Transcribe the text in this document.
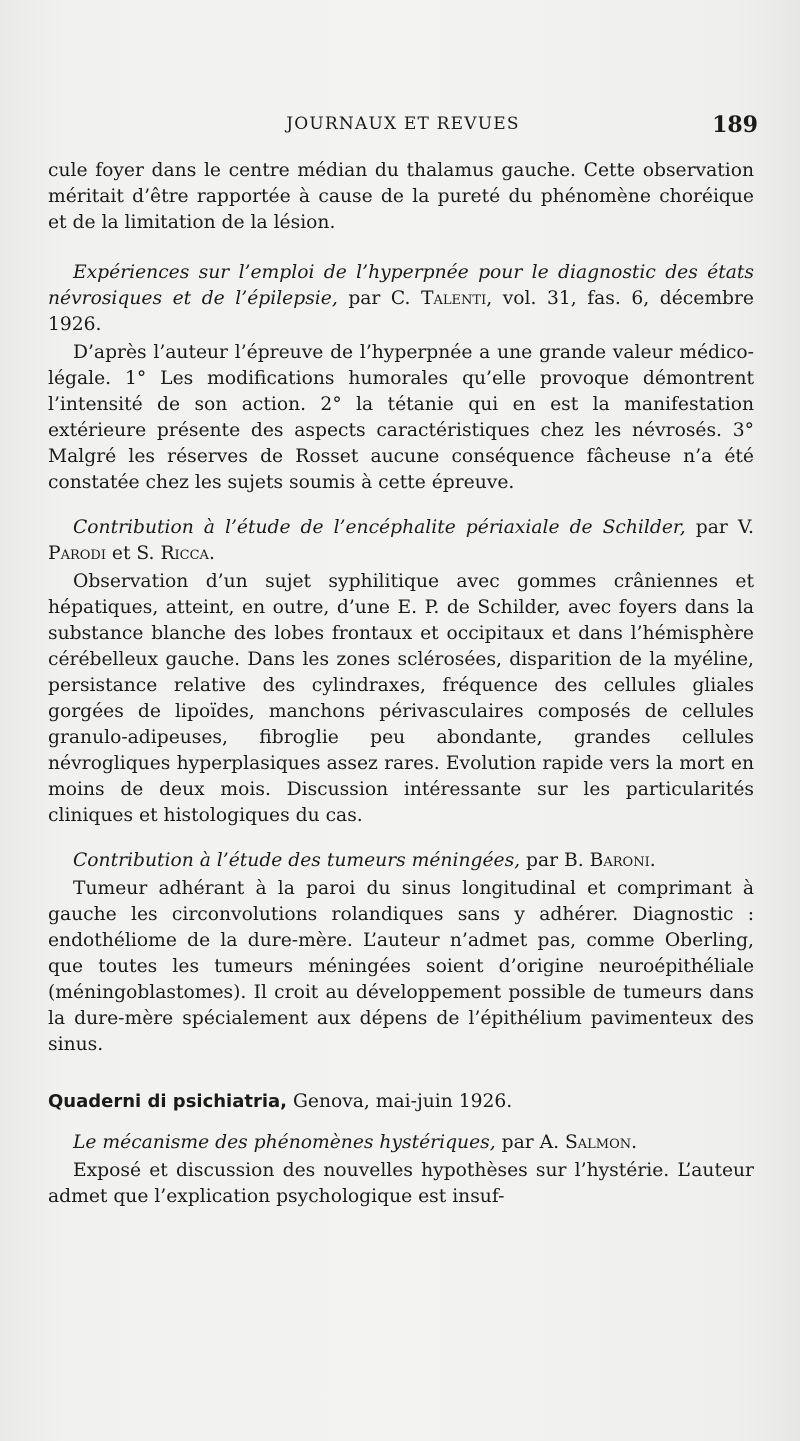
JOURNAUX ET REVUES	189

cule foyer dans le centre médian du thalamus gauche. Cette observation méritait d’être rapportée à cause de la pureté du phénomène choréique et de la limitation de la lésion.

Expériences sur l’emploi de l’hyperpnée pour le diagnostic des états névrosiques et de l’épilepsie, par C. Talenti, vol. 31, fas. 6, décembre 1926.

D’après l’auteur l’épreuve de l’hyperpnée a une grande valeur médico-légale. 1° Les modifications humorales qu’elle provoque démontrent l’intensité de son action. 2° la tétanie qui en est la manifestation extérieure présente des aspects caractéristiques chez les névrosés. 3° Malgré les réserves de Rosset aucune conséquence fâcheuse n’a été constatée chez les sujets soumis à cette épreuve.

Contribution à l’étude de l’encéphalite périaxiale de Schilder, par V. Parodi et S. Ricca.

Observation d’un sujet syphilitique avec gommes crâniennes et hépatiques, atteint, en outre, d’une E. P. de Schilder, avec foyers dans la substance blanche des lobes frontaux et occipitaux et dans l’hémisphère cérébelleux gauche. Dans les zones sclérosées, disparition de la myéline, persistance relative des cylindraxes, fréquence des cellules gliales gorgées de lipoïdes, manchons périvasculaires composés de cellules granulo-adipeuses, fibroglie peu abondante, grandes cellules névrogliques hyperplasiques assez rares. Evolution rapide vers la mort en moins de deux mois. Discussion intéressante sur les particularités cliniques et histologiques du cas.

Contribution à l’étude des tumeurs méningées, par B. Baroni.

Tumeur adhérant à la paroi du sinus longitudinal et comprimant à gauche les circonvolutions rolandiques sans y adhérer. Diagnostic : endothéliome de la dure-mère. L’auteur n’admet pas, comme Oberling, que toutes les tumeurs méningées soient d’origine neuroépithéliale (méningoblastomes). Il croit au développement possible de tumeurs dans la dure-mère spécialement aux dépens de l’épithélium pavimenteux des sinus.

Quaderni di psichiatria, Genova, mai-juin 1926.

Le mécanisme des phénomènes hystériques, par A. Salmon.

Exposé et discussion des nouvelles hypothèses sur l’hystérie. L’auteur admet que l’explication psychologique est insuf-
